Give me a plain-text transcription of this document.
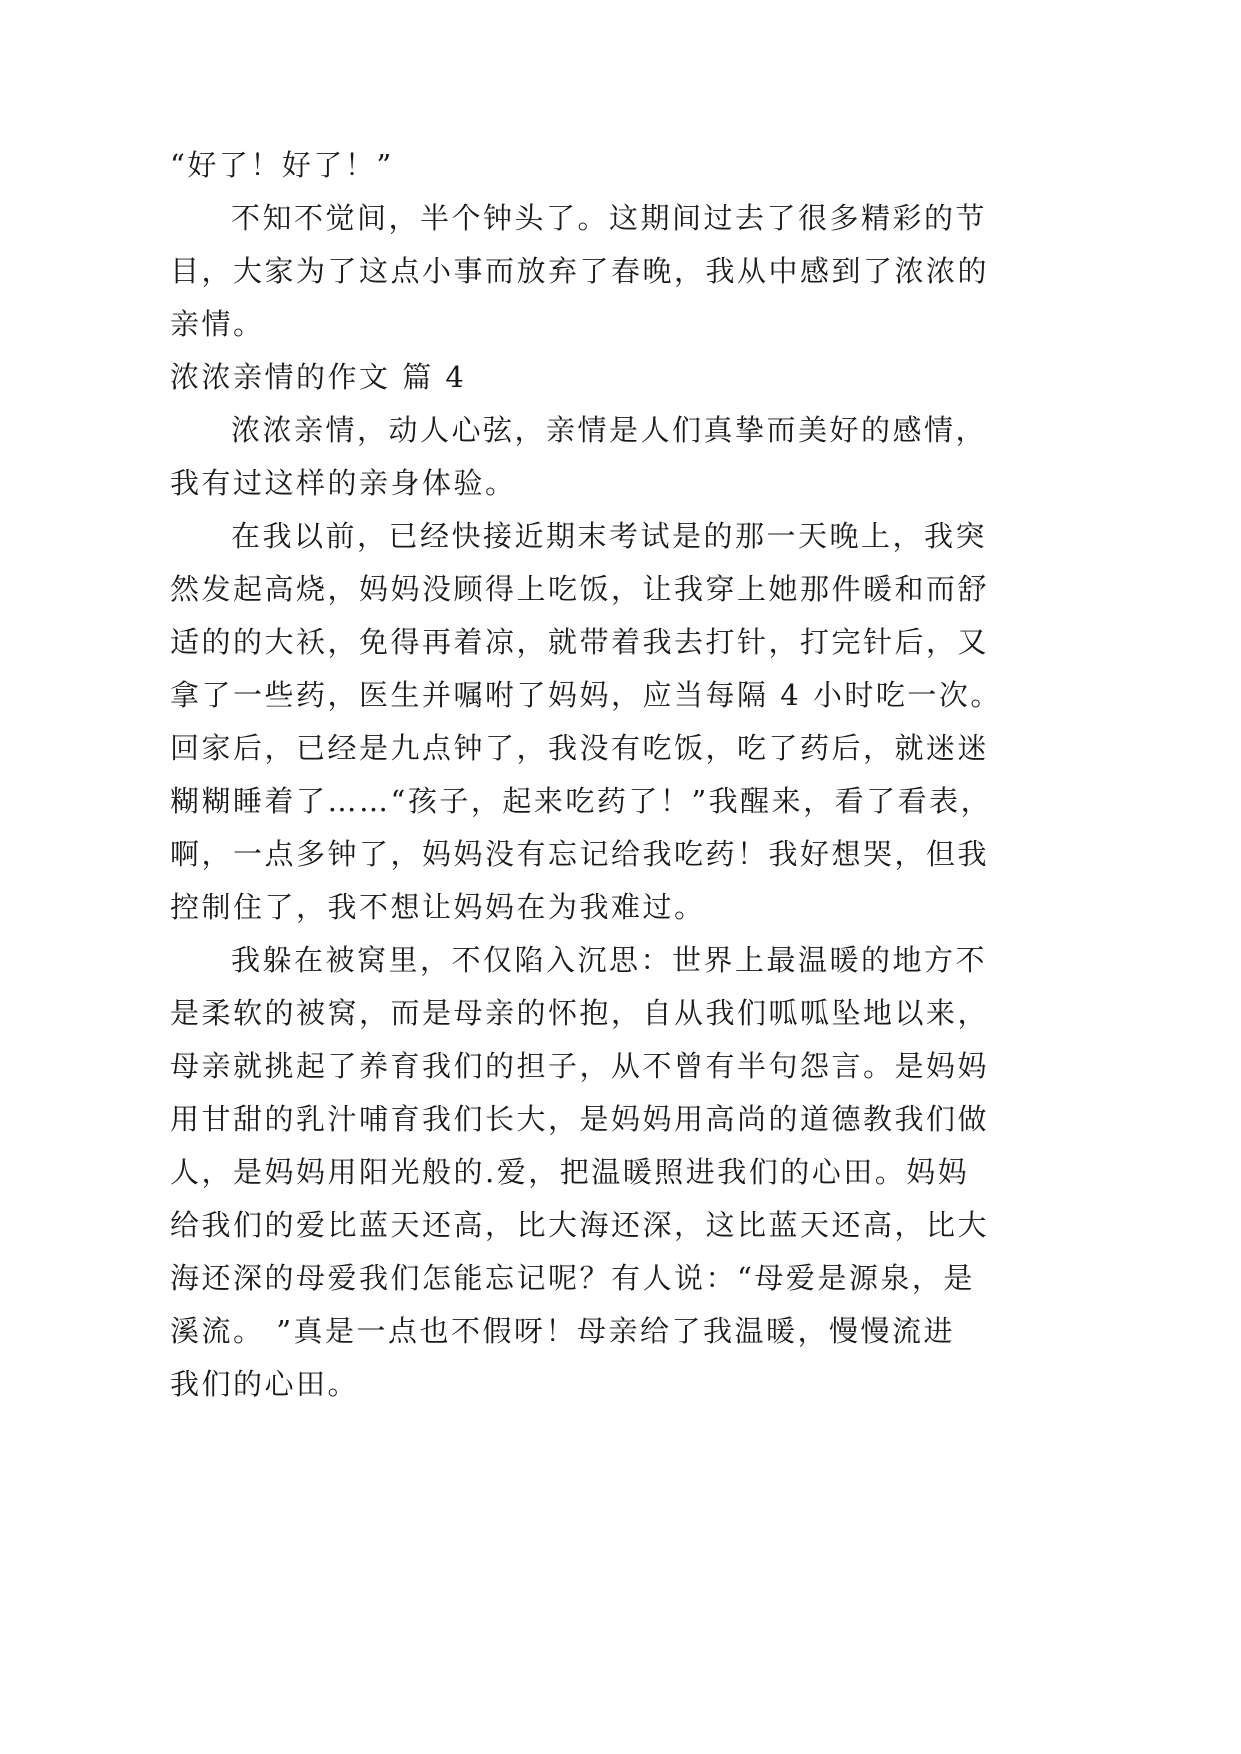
“好了！好了！”
不知不觉间，半个钟头了。这期间过去了很多精彩的节
目，大家为了这点小事而放弃了春晚，我从中感到了浓浓的
亲情。
浓浓亲情的作文 篇 4
浓浓亲情，动人心弦，亲情是人们真挚而美好的感情，
我有过这样的亲身体验。
在我以前，已经快接近期末考试是的那一天晚上，我突
然发起高烧，妈妈没顾得上吃饭，让我穿上她那件暖和而舒
适的的大袄，免得再着凉，就带着我去打针，打完针后，又
拿了一些药，医生并嘱咐了妈妈，应当每隔 4 小时吃一次。
回家后，已经是九点钟了，我没有吃饭，吃了药后，就迷迷
糊糊睡着了……“孩子，起来吃药了！”我醒来，看了看表，
啊，一点多钟了，妈妈没有忘记给我吃药！我好想哭，但我
控制住了，我不想让妈妈在为我难过。
我躲在被窝里，不仅陷入沉思：世界上最温暖的地方不
是柔软的被窝，而是母亲的怀抱，自从我们呱呱坠地以来，
母亲就挑起了养育我们的担子，从不曾有半句怨言。是妈妈
用甘甜的乳汁哺育我们长大，是妈妈用高尚的道德教我们做
人，是妈妈用阳光般的.爱，把温暖照进我们的心田。妈妈
给我们的爱比蓝天还高，比大海还深，这比蓝天还高，比大
海还深的母爱我们怎能忘记呢？有人说：“母爱是源泉，是
溪流。 ”真是一点也不假呀！母亲给了我温暖，慢慢流进
我们的心田。
